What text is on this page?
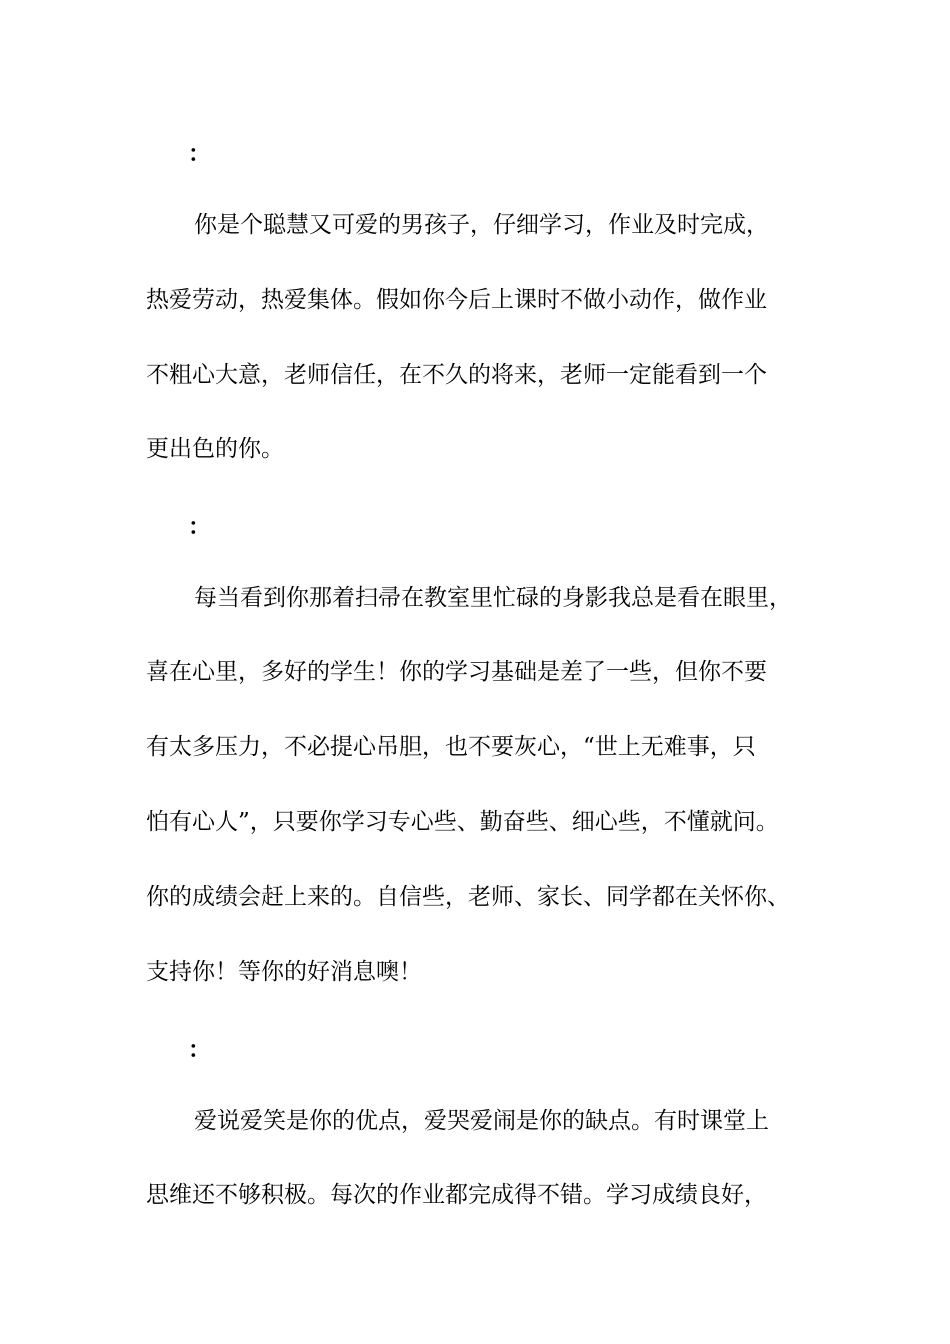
：
你是个聪慧又可爱的男孩子，仔细学习，作业及时完成，
热爱劳动，热爱集体。假如你今后上课时不做小动作，做作业
不粗心大意，老师信任，在不久的将来，老师一定能看到一个
更出色的你。
：
每当看到你那着扫帚在教室里忙碌的身影我总是看在眼里，
喜在心里，多好的学生！你的学习基础是差了一些，但你不要
有太多压力，不必提心吊胆，也不要灰心，“世上无难事，只
怕有心人”，只要你学习专心些、勤奋些、细心些，不懂就问。
你的成绩会赶上来的。自信些，老师、家长、同学都在关怀你、
支持你！等你的好消息噢！
：
爱说爱笑是你的优点，爱哭爱闹是你的缺点。有时课堂上
思维还不够积极。每次的作业都完成得不错。学习成绩良好，
